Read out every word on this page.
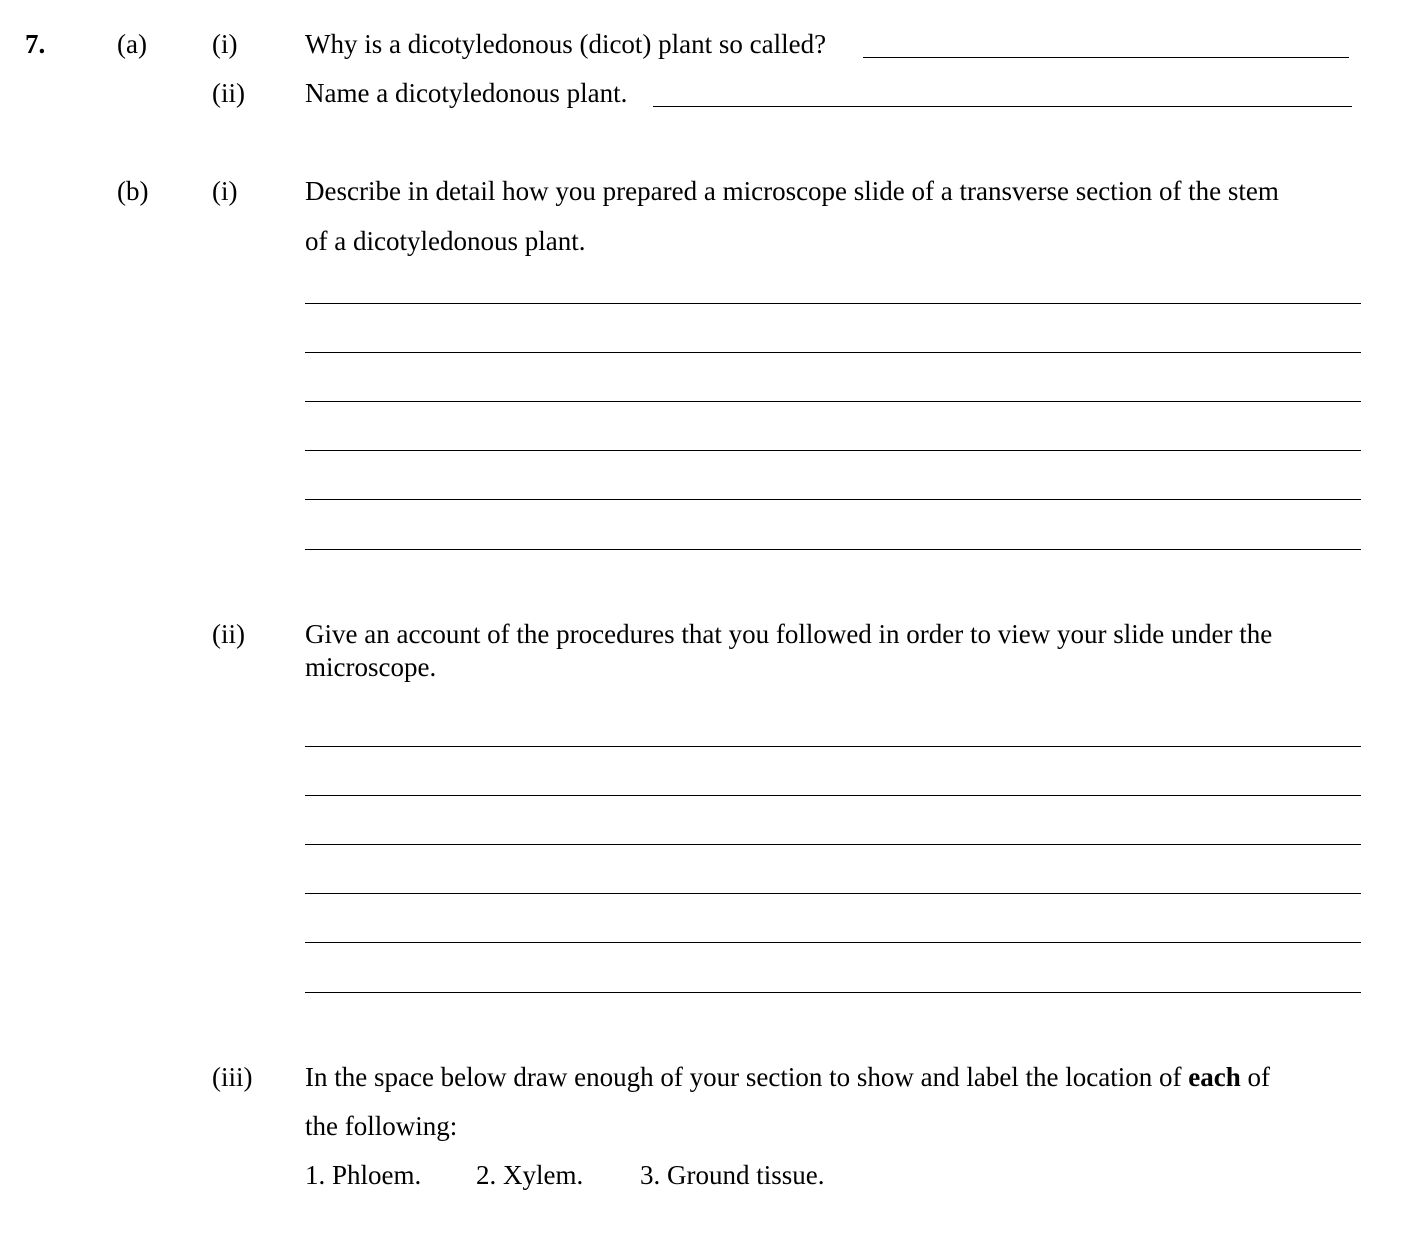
7.	(a) (i)	Why is a dicotyledonous (dicot) plant so called?
(ii) Name a dicotyledonous plant.
(b) (i)	Describe in detail how you prepared a microscope slide of a transverse section of the stem
of a dicotyledonous plant.
(ii) Give an account of the procedures that you followed in order to view your slide under the
microscope.
(iii) In the space below draw enough of your section to show and label the location of each of
the following:
1. Phloem. 2. Xylem. 3. Ground tissue.
